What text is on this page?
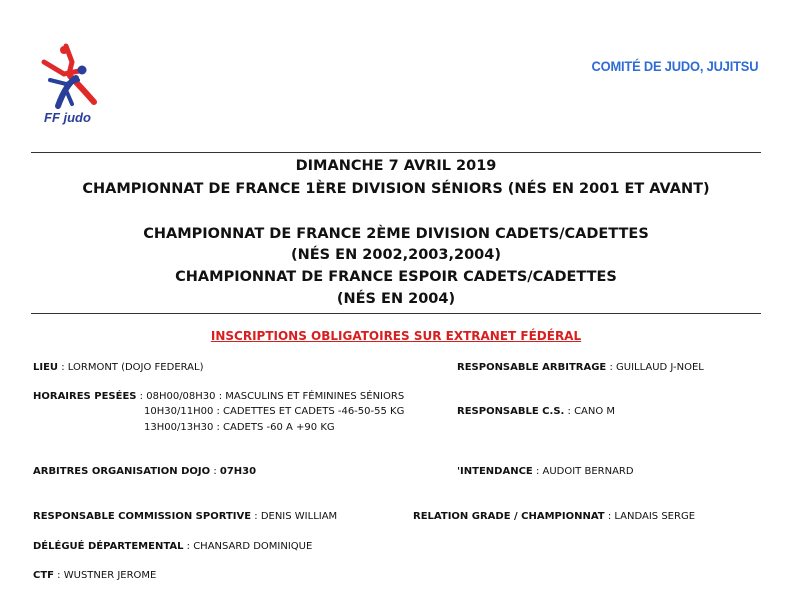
FF judo
COMITÉ DE JUDO, JUJITSU
DIMANCHE 7 AVRIL 2019
CHAMPIONNAT DE FRANCE 1ÈRE DIVISION SÉNIORS (NÉS EN 2001 ET AVANT)
CHAMPIONNAT DE FRANCE 2ÈME DIVISION CADETS/CADETTES
(NÉS EN 2002,2003,2004)
CHAMPIONNAT DE FRANCE ESPOIR CADETS/CADETTES
(NÉS EN 2004)
INSCRIPTIONS OBLIGATOIRES SUR EXTRANET FÉDÉRAL
LIEU : LORMONT (DOJO FEDERAL)
HORAIRES PESÉES : 08H00/08H30 : MASCULINS ET FÉMININES SÉNIORS
10H30/11H00 : CADETTES ET CADETS -46-50-55 KG
13H00/13H30 : CADETS -60 A +90 KG
ARBITRES ORGANISATION DOJO : 07H30
RESPONSABLE COMMISSION SPORTIVE : DENIS WILLIAM
DÉLÉGUÉ DÉPARTEMENTAL : CHANSARD DOMINIQUE
CTF : WUSTNER JEROME
RESPONSABLE ARBITRAGE : GUILLAUD J-NOEL
RESPONSABLE C.S. : CANO M
'INTENDANCE : AUDOIT BERNARD
RELATION GRADE / CHAMPIONNAT : LANDAIS SERGE
